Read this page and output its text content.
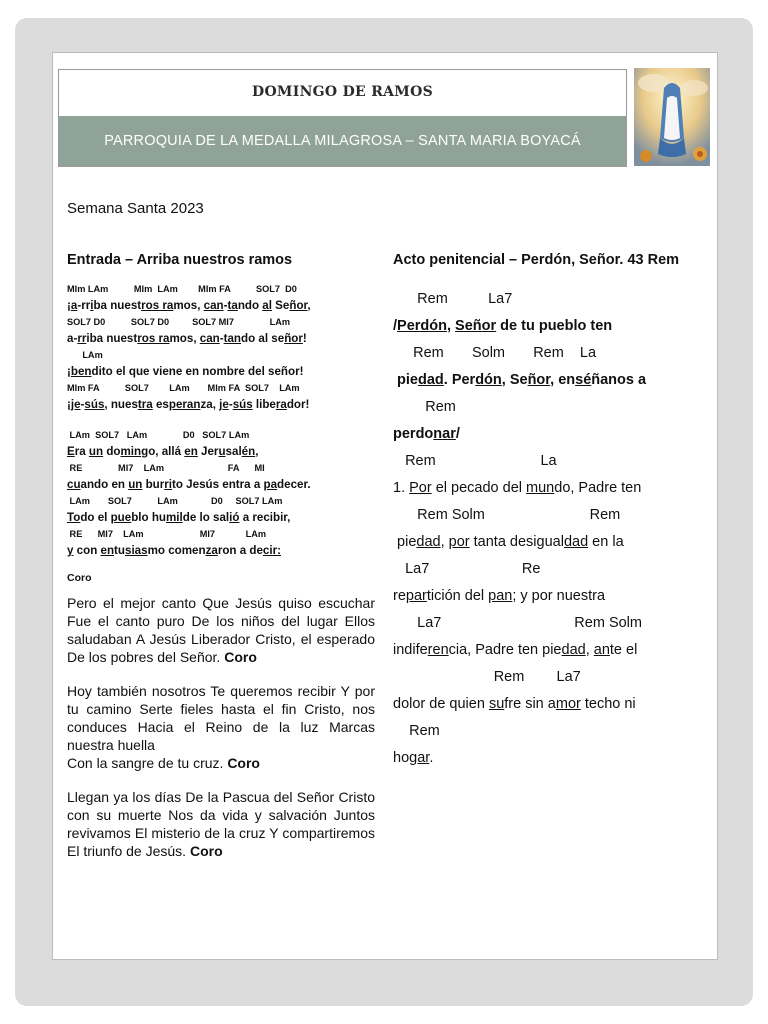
DOMINGO DE RAMOS
PARROQUIA DE LA MEDALLA MILAGROSA – SANTA MARIA BOYACÁ
Semana Santa 2023
Entrada – Arriba nuestros ramos
MIm LAm          MIm  LAm        MIm FA          SOL7  D0
¡a-rriba nuestros ramos, can-tando al Señor,
SOL7 D0          SOL7 D0         SOL7 MI7              LAm
a-rriba nuestros ramos, can-tando al señor!
LAm
¡bendito el que viene en nombre del señor!
MIm FA          SOL7        LAm       MIm FA  SOL7    LAm
¡je-sús, nuestra esperanza, je-sús liberador!
LAm  SOL7   LAm              D0   SOL7 LAm
Era un domingo, allá en Jerusalén,
RE              MI7    LAm                         FA      MI
cuando en un burrito Jesús entra a padecer.
LAm       SOL7          LAm             D0     SOL7 LAm
Todo el pueblo humilde lo salió a recibir,
RE      MI7    LAm                      MI7            LAm
y con entusiasmo comenzaron a decir:
Coro

Pero el mejor canto Que Jesús quiso escuchar Fue el canto puro De los niños del lugar Ellos saludaban A Jesús Liberador Cristo, el esperado De los pobres del Señor. Coro

Hoy también nosotros Te queremos recibir Y por tu camino Serte fieles hasta el fin Cristo, nos conduces Hacia el Reino de la luz Marcas nuestra huella

Con la sangre de tu cruz. Coro

Llegan ya los días De la Pascua del Señor Cristo con su muerte Nos da vida y salvación Juntos revivamos El misterio de la cruz Y compartiremos El triunfo de Jesús. Coro

Acto penitencial – Perdón, Señor. 43 Rem
Rem          La7
/Perdón, Señor de tu pueblo ten
Rem       Solm       Rem    La
piedad. Perdón, Señor, enséñanos a
Rem
perdonar/
Rem                          La
1. Por el pecado del mundo, Padre ten
Rem Solm                          Rem
piedad, por tanta desigualdad en la
La7                       Re
repartición del pan; y por nuestra
La7                                 Rem Solm
indiferencia, Padre ten piedad, ante el
Rem        La7
dolor de quien sufre sin amor techo ni
Rem
hogar.
